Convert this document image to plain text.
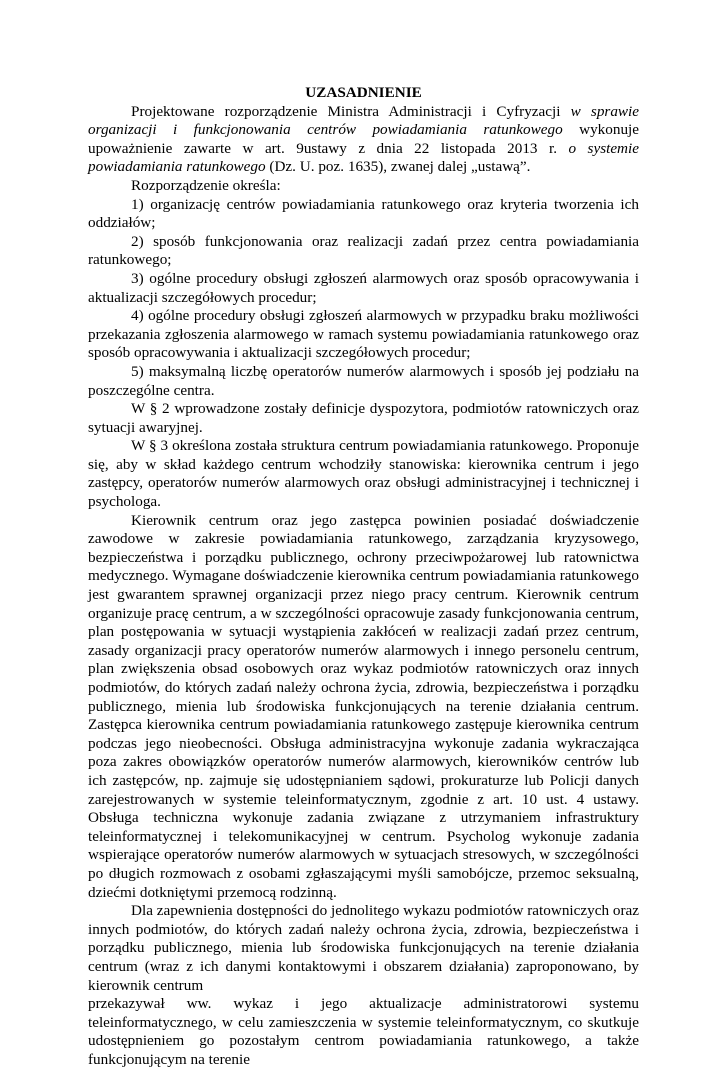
UZASADNIENIE

Projektowane rozporządzenie Ministra Administracji i Cyfryzacji w sprawie organizacji i funkcjonowania centrów powiadamiania ratunkowego wykonuje upoważnienie zawarte w art. 9ustawy z dnia 22 listopada 2013 r. o systemie powiadamiania ratunkowego (Dz. U. poz. 1635), zwanej dalej „ustawą”.

Rozporządzenie określa:

1) organizację centrów powiadamiania ratunkowego oraz kryteria tworzenia ich oddziałów;

2) sposób funkcjonowania oraz realizacji zadań przez centra powiadamiania ratunkowego;

3) ogólne procedury obsługi zgłoszeń alarmowych oraz sposób opracowywania i aktualizacji szczegółowych procedur;

4) ogólne procedury obsługi zgłoszeń alarmowych w przypadku braku możliwości przekazania zgłoszenia alarmowego w ramach systemu powiadamiania ratunkowego oraz sposób opracowywania i aktualizacji szczegółowych procedur;

5) maksymalną liczbę operatorów numerów alarmowych i sposób jej podziału na poszczególne centra.

W § 2 wprowadzone zostały definicje dyspozytora, podmiotów ratowniczych oraz sytuacji awaryjnej.

W § 3 określona została struktura centrum powiadamiania ratunkowego. Proponuje się, aby w skład każdego centrum wchodziły stanowiska: kierownika centrum i jego zastępcy, operatorów numerów alarmowych oraz obsługi administracyjnej i technicznej i psychologa.

Kierownik centrum oraz jego zastępca powinien posiadać doświadczenie zawodowe w zakresie powiadamiania ratunkowego, zarządzania kryzysowego, bezpieczeństwa i porządku publicznego, ochrony przeciwpożarowej lub ratownictwa medycznego. Wymagane doświadczenie kierownika centrum powiadamiania ratunkowego jest gwarantem sprawnej organizacji przez niego pracy centrum. Kierownik centrum organizuje pracę centrum, a w szczególności opracowuje zasady funkcjonowania centrum, plan postępowania w sytuacji wystąpienia zakłóceń w realizacji zadań przez centrum, zasady organizacji pracy operatorów numerów alarmowych i innego personelu centrum, plan zwiększenia obsad osobowych oraz wykaz podmiotów ratowniczych oraz innych podmiotów, do których zadań należy ochrona życia, zdrowia, bezpieczeństwa i porządku publicznego, mienia lub środowiska funkcjonujących na terenie działania centrum. Zastępca kierownika centrum powiadamiania ratunkowego zastępuje kierownika centrum podczas jego nieobecności. Obsługa administracyjna wykonuje zadania wykraczająca poza zakres obowiązków operatorów numerów alarmowych, kierowników centrów lub ich zastępców, np. zajmuje się udostępnianiem sądowi, prokuraturze lub Policji danych zarejestrowanych w systemie teleinformatycznym, zgodnie z art. 10 ust. 4 ustawy. Obsługa techniczna wykonuje zadania związane z utrzymaniem infrastruktury teleinformatycznej i telekomunikacyjnej w centrum. Psycholog wykonuje zadania wspierające operatorów numerów alarmowych w sytuacjach stresowych, w szczególności po długich rozmowach z osobami zgłaszającymi myśli samobójcze, przemoc seksualną, dziećmi dotkniętymi przemocą rodzinną.

Dla zapewnienia dostępności do jednolitego wykazu podmiotów ratowniczych oraz innych podmiotów, do których zadań należy ochrona życia, zdrowia, bezpieczeństwa i porządku publicznego, mienia lub środowiska funkcjonujących na terenie działania centrum (wraz z ich danymi kontaktowymi i obszarem działania) zaproponowano, by kierownik centrum

przekazywał ww. wykaz i jego aktualizacje administratorowi systemu teleinformatycznego, w celu zamieszczenia w systemie teleinformatycznym, co skutkuje udostępnieniem go pozostałym centrom powiadamiania ratunkowego, a także funkcjonującym na terenie
